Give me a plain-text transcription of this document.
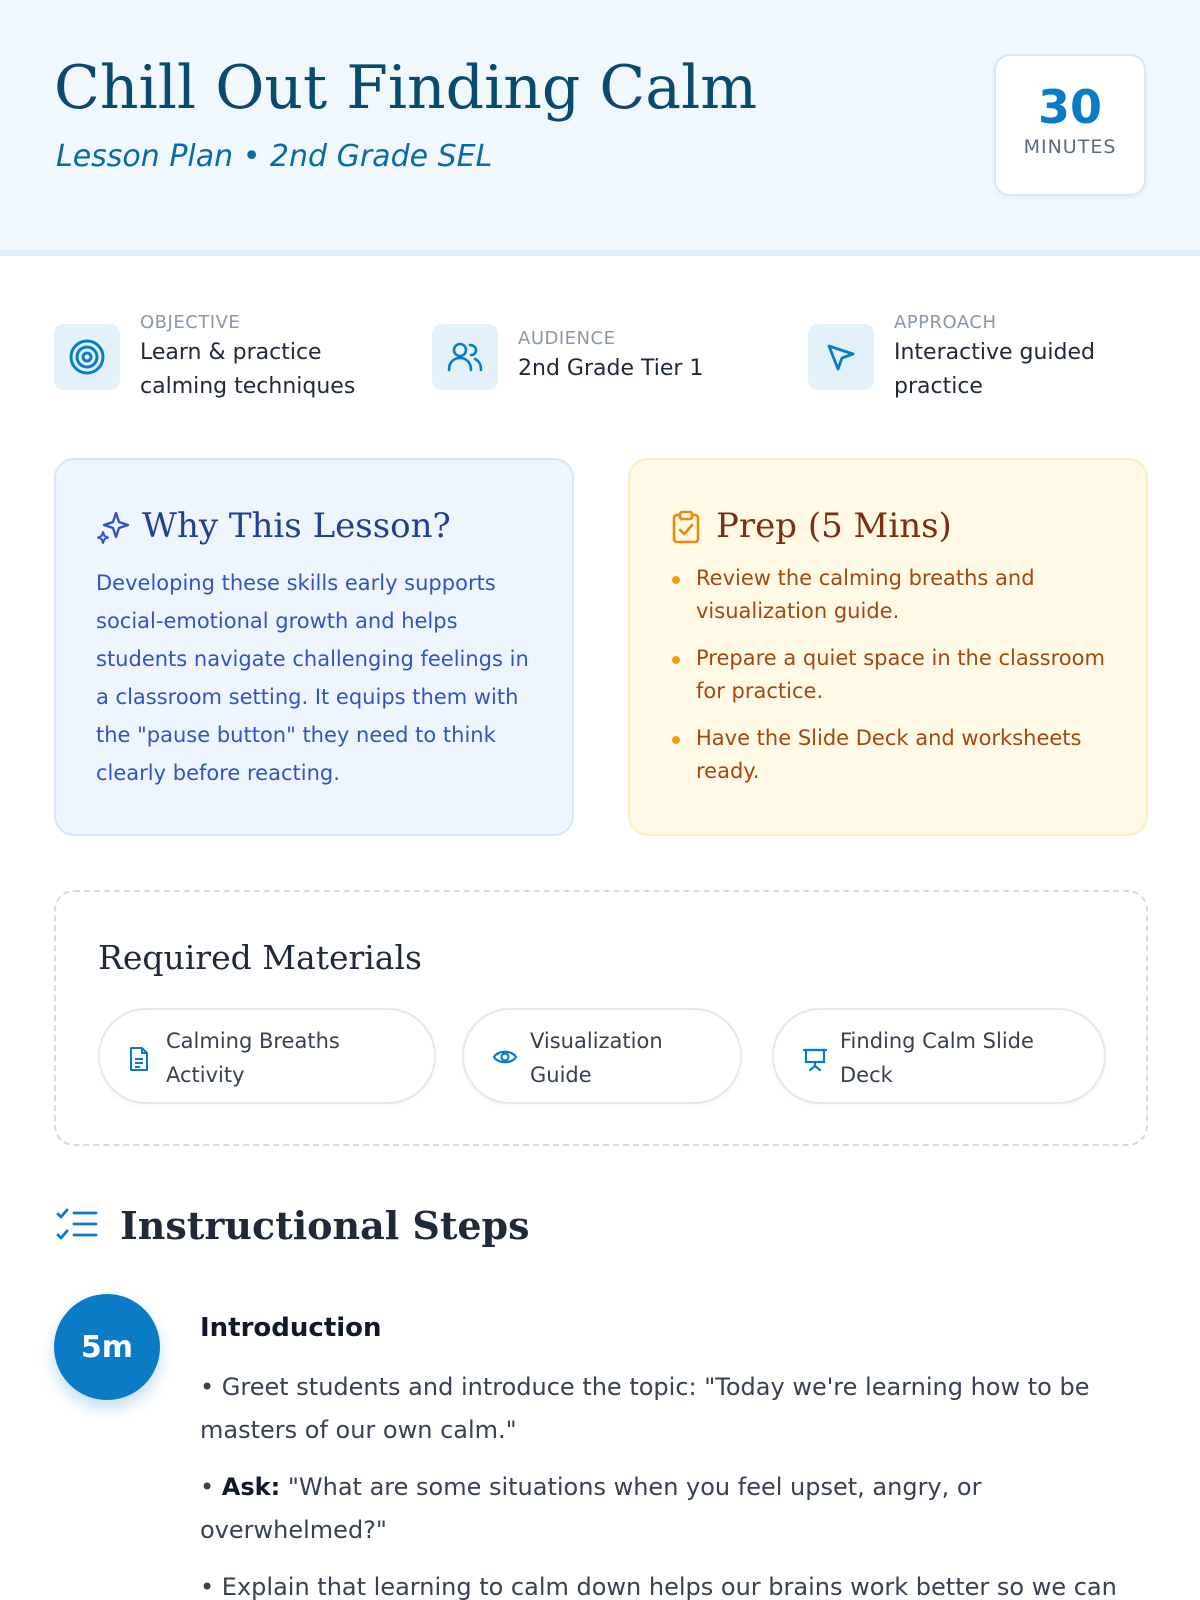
Chill Out Finding Calm
Lesson Plan • 2nd Grade SEL
30
MINUTES
OBJECTIVE
Learn & practice calming techniques
AUDIENCE
2nd Grade Tier 1
APPROACH
Interactive guided practice
Why This Lesson?

Developing these skills early supports social-emotional growth and helps students navigate challenging feelings in a classroom setting. It equips them with the "pause button" they need to think clearly before reacting.

Prep (5 Mins)
Review the calming breaths and visualization guide.
Prepare a quiet space in the classroom for practice.
Have the Slide Deck and worksheets ready.
Required Materials
Calming Breaths Activity
Visualization Guide
Finding Calm Slide Deck
Instructional Steps
5m
Introduction

• Greet students and introduce the topic: "Today we're learning how to be masters of our own calm."

• Ask: "What are some situations when you feel upset, angry, or overwhelmed?"

• Explain that learning to calm down helps our brains work better so we can
